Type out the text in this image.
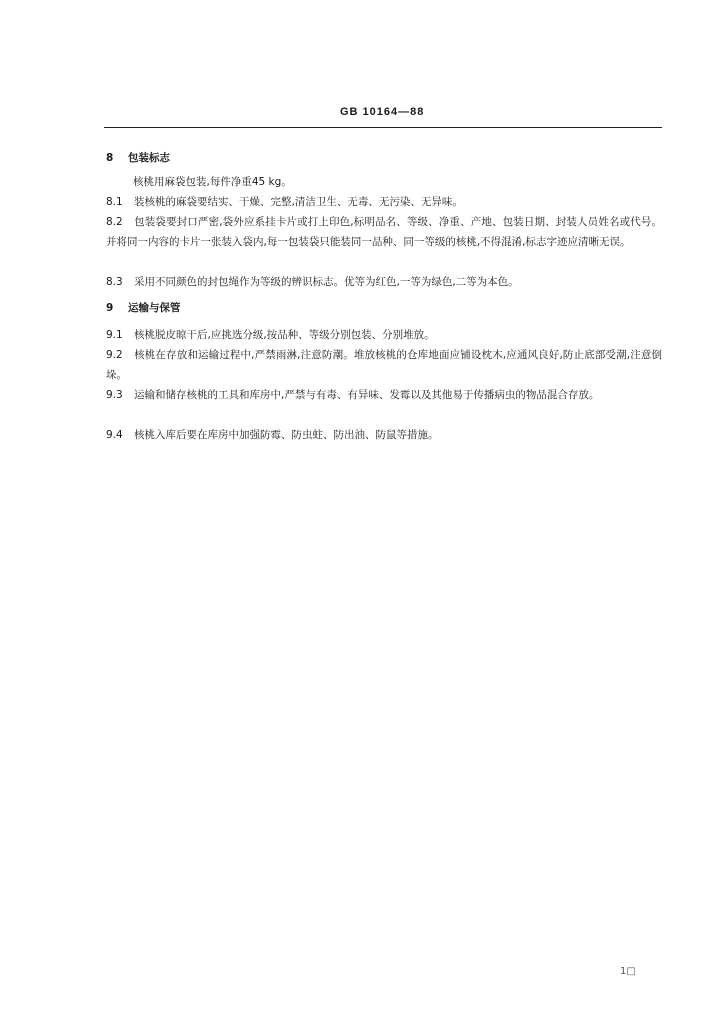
GB 10164—88
8 包装标志
核桃用麻袋包装,每件净重45 kg。
8.1 装核桃的麻袋要结实、干燥、完整,清洁卫生、无毒、无污染、无异味。
8.2 包装袋要封口严密,袋外应系挂卡片或打上印色,标明品名、等级、净重、产地、包装日期、封装人员姓名或代号。并将同一内容的卡片一张装入袋内,每一包装袋只能装同一品种、同一等级的核桃,不得混淆,标志字迹应清晰无误。
8.3 采用不同颜色的封包绳作为等级的辨识标志。优等为红色,一等为绿色,二等为本色。
9 运输与保管
9.1 核桃脱皮晾干后,应挑选分级,按品种、等级分别包装、分别堆放。
9.2 核桃在存放和运输过程中,严禁雨淋,注意防潮。堆放核桃的仓库地面应铺设枕木,应通风良好,防止底部受潮,注意倒垛。
9.3 运输和储存核桃的工具和库房中,严禁与有毒、有异味、发霉以及其他易于传播病虫的物品混合存放。
9.4 核桃入库后要在库房中加强防霉、防虫蛀、防出油、防鼠等措施。
1□
